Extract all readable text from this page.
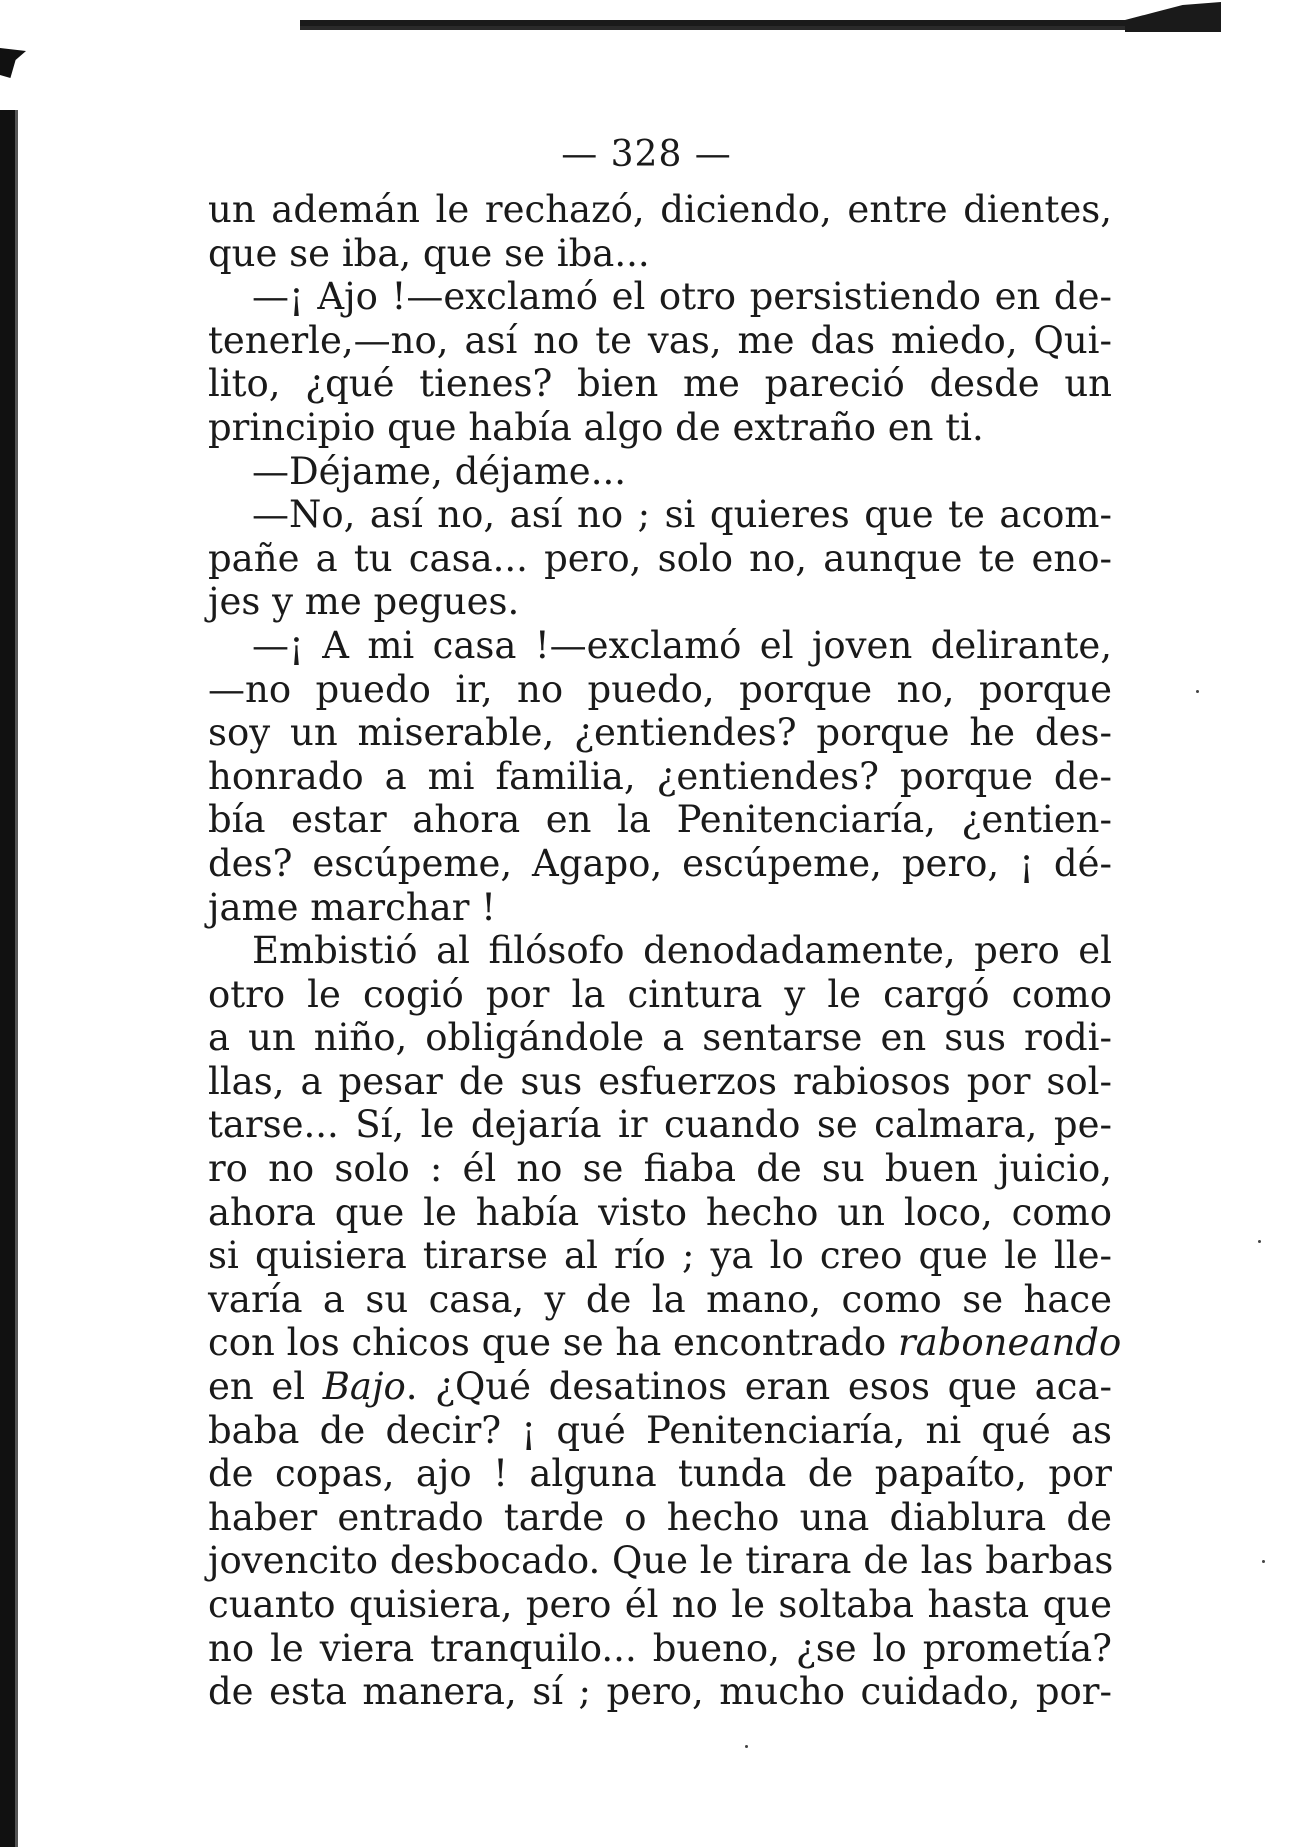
— 328 —
un ademán le rechazó, diciendo, entre dientes,
que se iba, que se iba...
—¡ Ajo !—exclamó el otro persistiendo en de-
tenerle,—no, así no te vas, me das miedo, Qui-
lito, ¿qué tienes? bien me pareció desde un
principio que había algo de extraño en ti.
—Déjame, déjame...
—No, así no, así no ; si quieres que te acom-
pañe a tu casa... pero, solo no, aunque te eno-
jes y me pegues.
—¡ A mi casa !—exclamó el joven delirante,
—no puedo ir, no puedo, porque no, porque
soy un miserable, ¿entiendes? porque he des-
honrado a mi familia, ¿entiendes? porque de-
bía estar ahora en la Penitenciaría, ¿entien-
des? escúpeme, Agapo, escúpeme, pero, ¡ dé-
jame marchar !
Embistió al filósofo denodadamente, pero el
otro le cogió por la cintura y le cargó como
a un niño, obligándole a sentarse en sus rodi-
llas, a pesar de sus esfuerzos rabiosos por sol-
tarse... Sí, le dejaría ir cuando se calmara, pe-
ro no solo : él no se fiaba de su buen juicio,
ahora que le había visto hecho un loco, como
si quisiera tirarse al río ; ya lo creo que le lle-
varía a su casa, y de la mano, como se hace
con los chicos que se ha encontrado raboneando
en el Bajo. ¿Qué desatinos eran esos que aca-
baba de decir? ¡ qué Penitenciaría, ni qué as
de copas, ajo ! alguna tunda de papaíto, por
haber entrado tarde o hecho una diablura de
jovencito desbocado. Que le tirara de las barbas
cuanto quisiera, pero él no le soltaba hasta que
no le viera tranquilo... bueno, ¿se lo prometía?
de esta manera, sí ; pero, mucho cuidado, por-
